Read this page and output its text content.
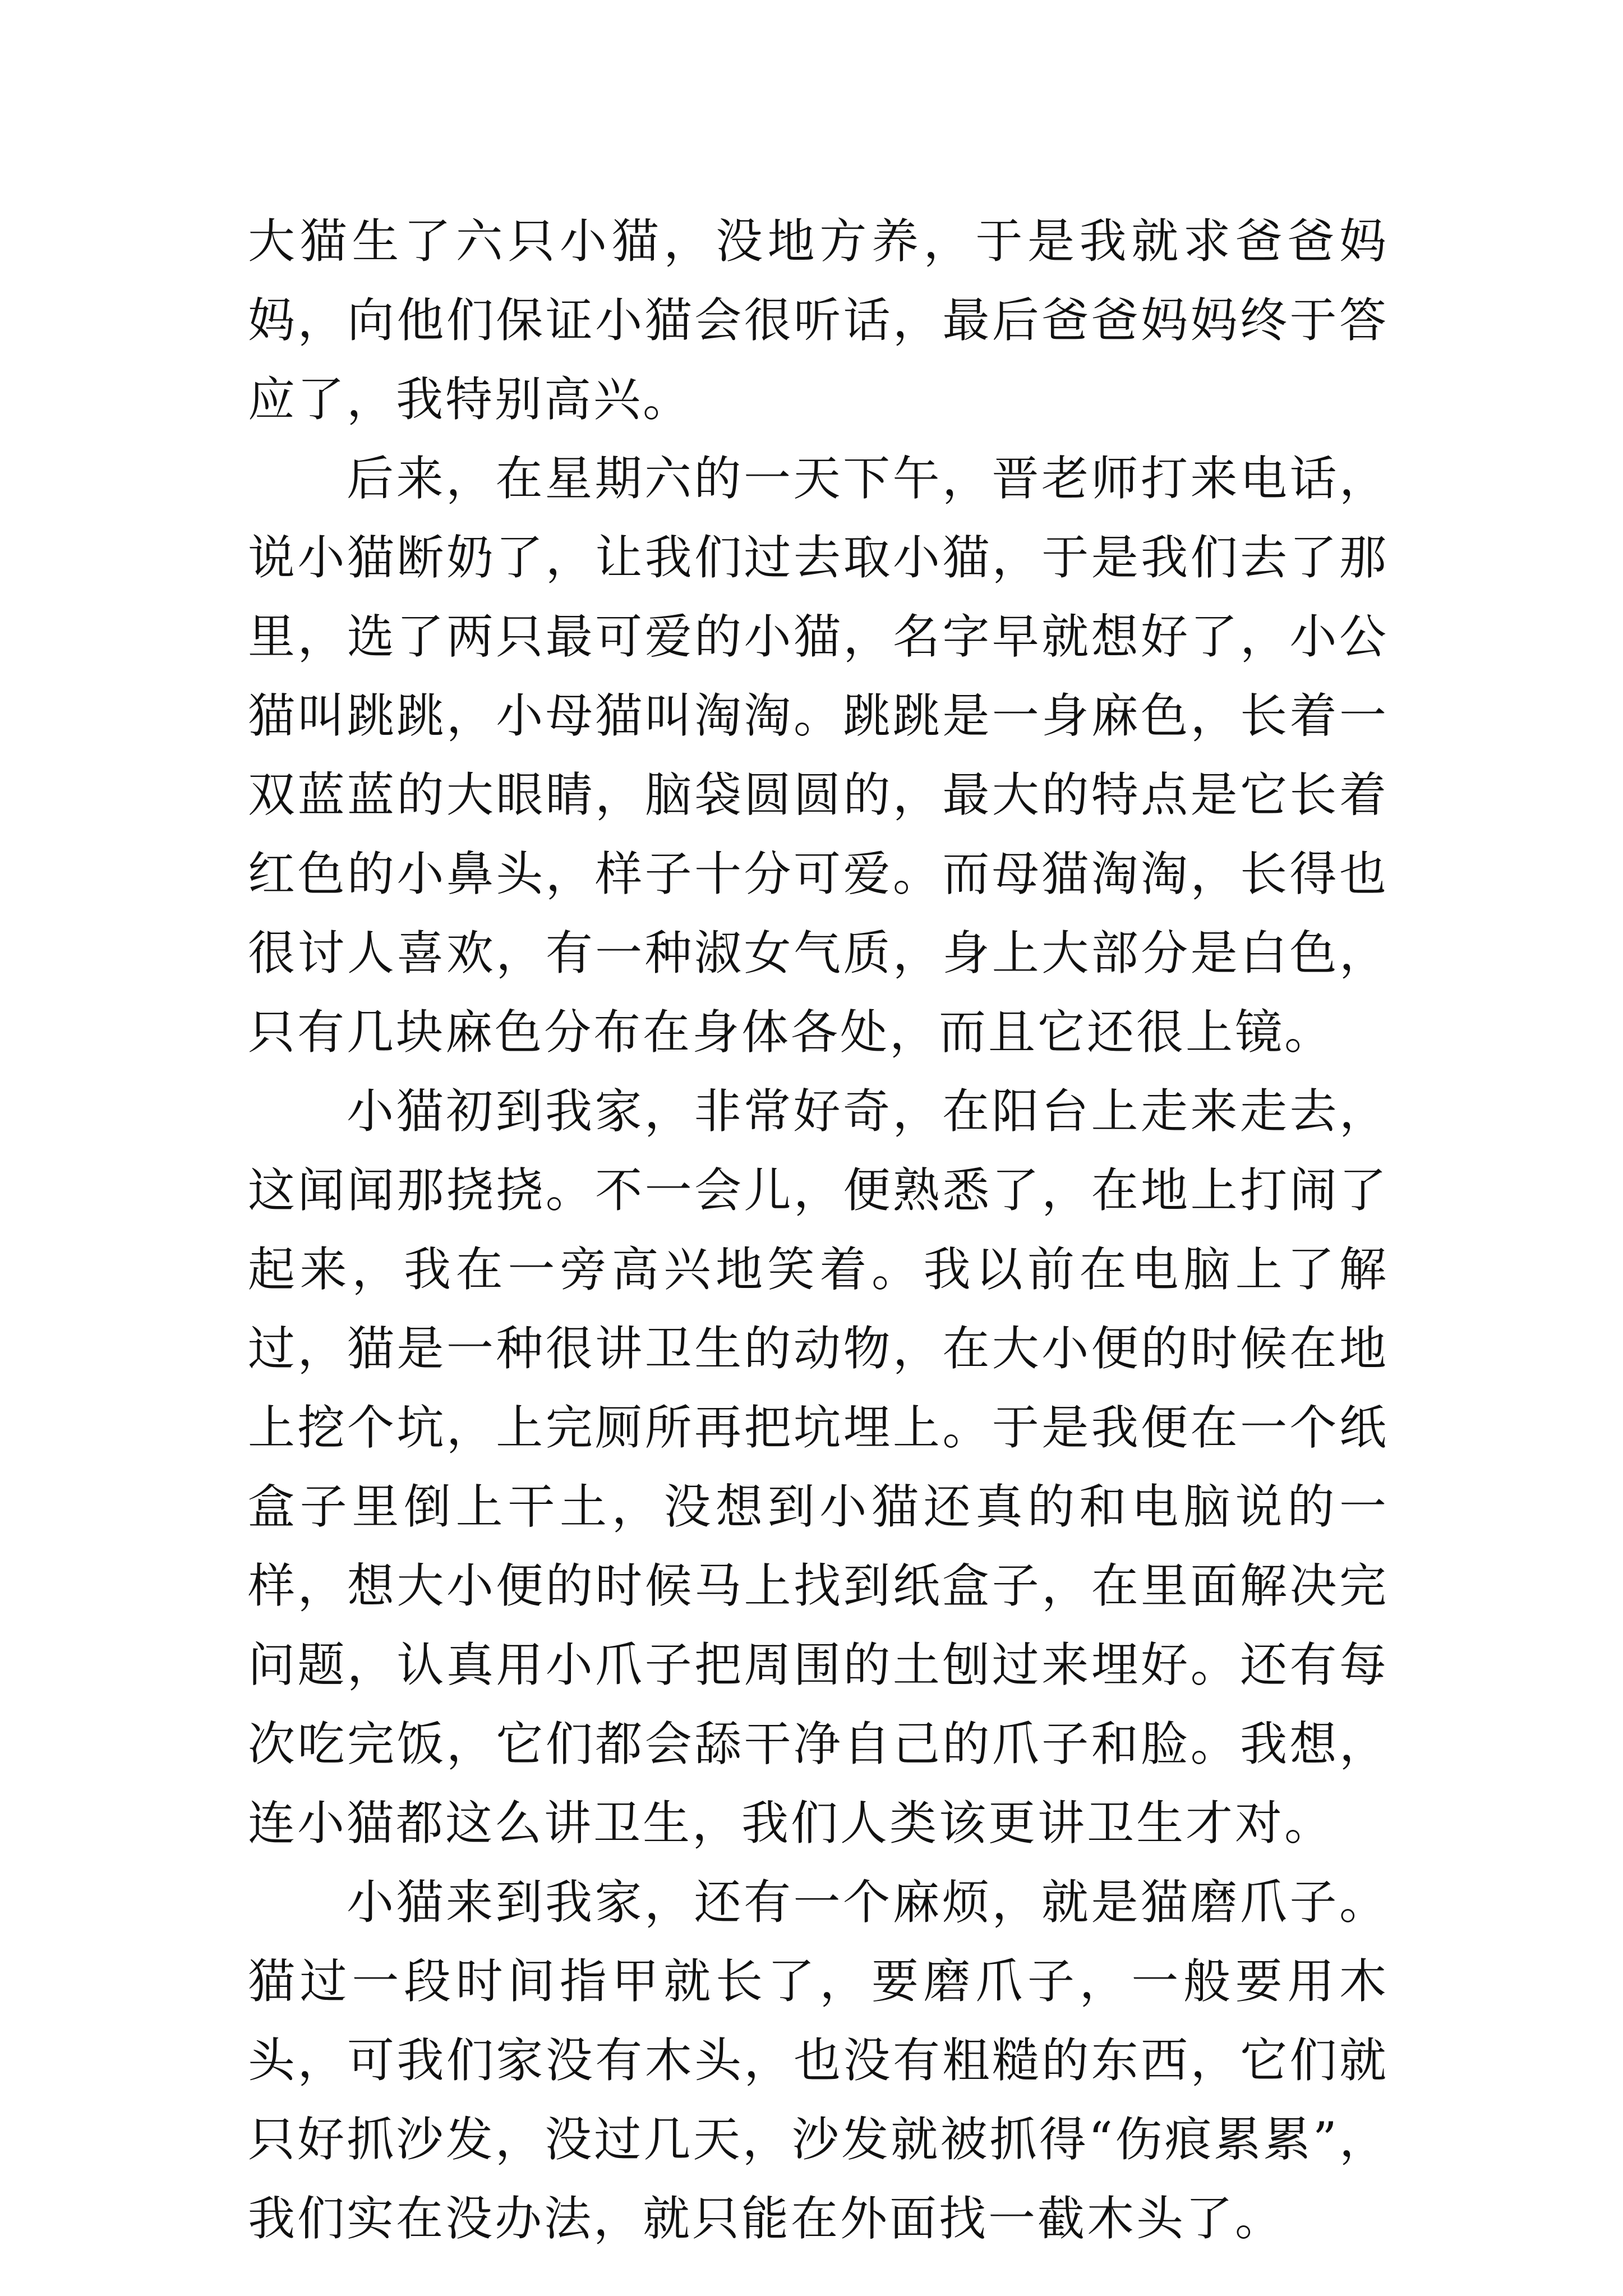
大猫生了六只小猫，没地方养，于是我就求爸爸妈妈，向他们保证小猫会很听话，最后爸爸妈妈终于答应了，我特别高兴。

后来，在星期六的一天下午，晋老师打来电话，说小猫断奶了，让我们过去取小猫，于是我们去了那里，选了两只最可爱的小猫，名字早就想好了，小公猫叫跳跳，小母猫叫淘淘。跳跳是一身麻色，长着一双蓝蓝的大眼睛，脑袋圆圆的，最大的特点是它长着红色的小鼻头，样子十分可爱。而母猫淘淘，长得也很讨人喜欢，有一种淑女气质，身上大部分是白色，只有几块麻色分布在身体各处，而且它还很上镜。

小猫初到我家，非常好奇，在阳台上走来走去，这闻闻那挠挠。不一会儿，便熟悉了，在地上打闹了起来，我在一旁高兴地笑着。我以前在电脑上了解过，猫是一种很讲卫生的动物，在大小便的时候在地上挖个坑，上完厕所再把坑埋上。于是我便在一个纸盒子里倒上干土，没想到小猫还真的和电脑说的一样，想大小便的时候马上找到纸盒子，在里面解决完问题，认真用小爪子把周围的土刨过来埋好。还有每次吃完饭，它们都会舔干净自己的爪子和脸。我想，连小猫都这么讲卫生，我们人类该更讲卫生才对。

小猫来到我家，还有一个麻烦，就是猫磨爪子。猫过一段时间指甲就长了，要磨爪子，一般要用木头，可我们家没有木头，也没有粗糙的东西，它们就只好抓沙发，没过几天，沙发就被抓得“伤痕累累”，我们实在没办法，就只能在外面找一截木头了。
